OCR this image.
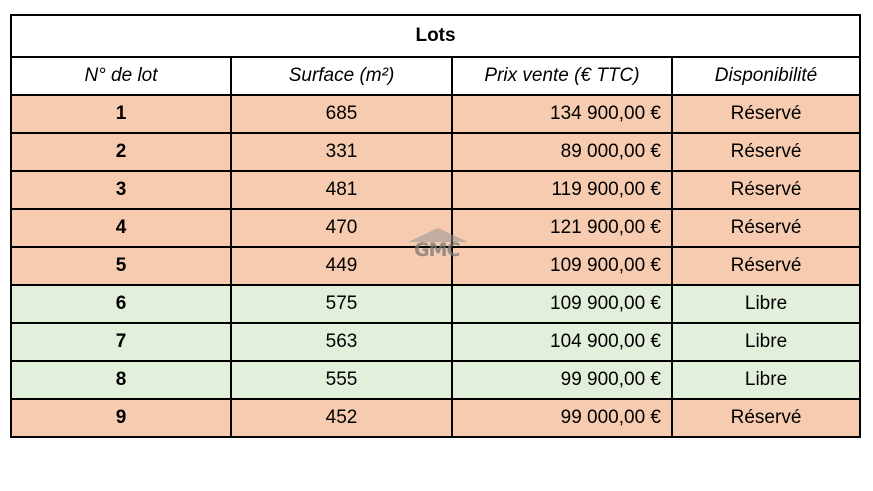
Lots			
N° de lot	Surface (m²)	Prix vente (€ TTC)	Disponibilité
1	685	134 900,00 €	Réservé
2	331	89 000,00 €	Réservé
3	481	119 900,00 €	Réservé
4	470	121 900,00 €	Réservé
5	449	109 900,00 €	Réservé
6	575	109 900,00 €	Libre
7	563	104 900,00 €	Libre
8	555	99 900,00 €	Libre
9	452	99 000,00 €	Réservé
GMC
